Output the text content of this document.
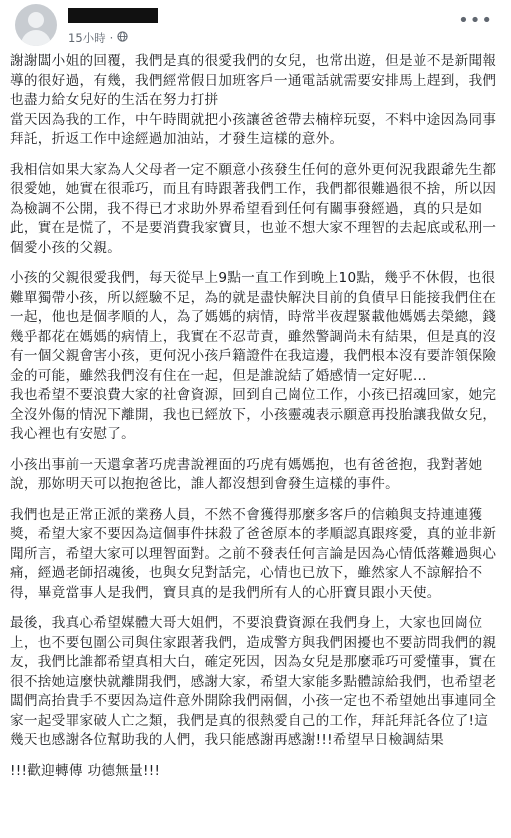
15小時 ·
•••

謝謝闆小姐的回覆，我們是真的很愛我們的女兒，也常出遊，但是並不是新聞報導的很好過，有幾，我們經常假日加班客戶一通電話就需要安排馬上趕到，我們也盡力給女兒好的生活在努力打拼
當天因為我的工作，中午時間就把小孩讓爸爸帶去楠梓玩耍，不料中途因為同事拜託，折返工作中途經過加油站，才發生這樣的意外。

我相信如果大家為人父母者一定不願意小孩發生任何的意外更何況我跟爺先生都很愛她，她實在很乖巧，而且有時跟著我們工作，我們都很難過很不捨，所以因為檢調不公開，我不得已才求助外界希望看到任何有關事發經過，真的只是如此，實在是慌了，不是要消費我家寶貝，也並不想大家不理智的去起底或私刑一個愛小孩的父親。

小孩的父親很愛我們，每天從早上9點一直工作到晚上10點，幾乎不休假，也很難單獨帶小孩，所以經驗不足，為的就是盡快解決目前的負債早日能接我們住在一起，他也是個孝順的人，為了媽媽的病情，時常半夜趕緊載他媽媽去榮總，錢幾乎都花在媽媽的病情上，我實在不忍苛責，雖然警調尚未有結果，但是真的沒有一個父親會害小孩，更何況小孩戶籍證件在我這邊，我們根本沒有要詐領保險金的可能，雖然我們沒有住在一起，但是誰說結了婚感情一定好呢…
我也希望不要浪費大家的社會資源，回到自己崗位工作，小孩已招魂回家，她完全沒外傷的情況下離開，我也已經放下，小孩靈魂表示願意再投胎讓我做女兒，我心裡也有安慰了。

小孩出事前一天還拿著巧虎書說裡面的巧虎有媽媽抱，也有爸爸抱，我對著她說，那妳明天可以抱抱爸比，誰人都沒想到會發生這樣的事件。

我們也是正常正派的業務人員，不然不會獲得那麼多客戶的信賴與支持連連獲獎，希望大家不要因為這個事件抹殺了爸爸原本的孝順認真跟疼愛，真的並非新聞所言，希望大家可以理智面對。之前不發表任何言論是因為心情低落難過與心痛，經過老師招魂後，也與女兒對話完，心情也已放下，雖然家人不諒解拾不得，畢竟當事人是我們，寶貝真的是我們所有人的心肝寶貝跟小天使。

最後，我真心希望媒體大哥大姐們，不要浪費資源在我們身上，大家也回崗位上，也不要包圍公司與住家跟著我們，造成警方與我們困擾也不要訪問我們的親友，我們比誰都希望真相大白，確定死因，因為女兒是那麼乖巧可愛懂事，實在很不捨她這麼快就離開我們，感謝大家，希望大家能多點體諒給我們，也希望老闆們高抬貴手不要因為這件意外開除我們兩個，小孩一定也不希望她出事連同全家一起受罪家破人亡之類，我們是真的很熱愛自己的工作，拜託拜託各位了!這幾天也感謝各位幫助我的人們，我只能感謝再感謝!!!希望早日檢調結果

!!!歡迎轉傳 功德無量!!!
